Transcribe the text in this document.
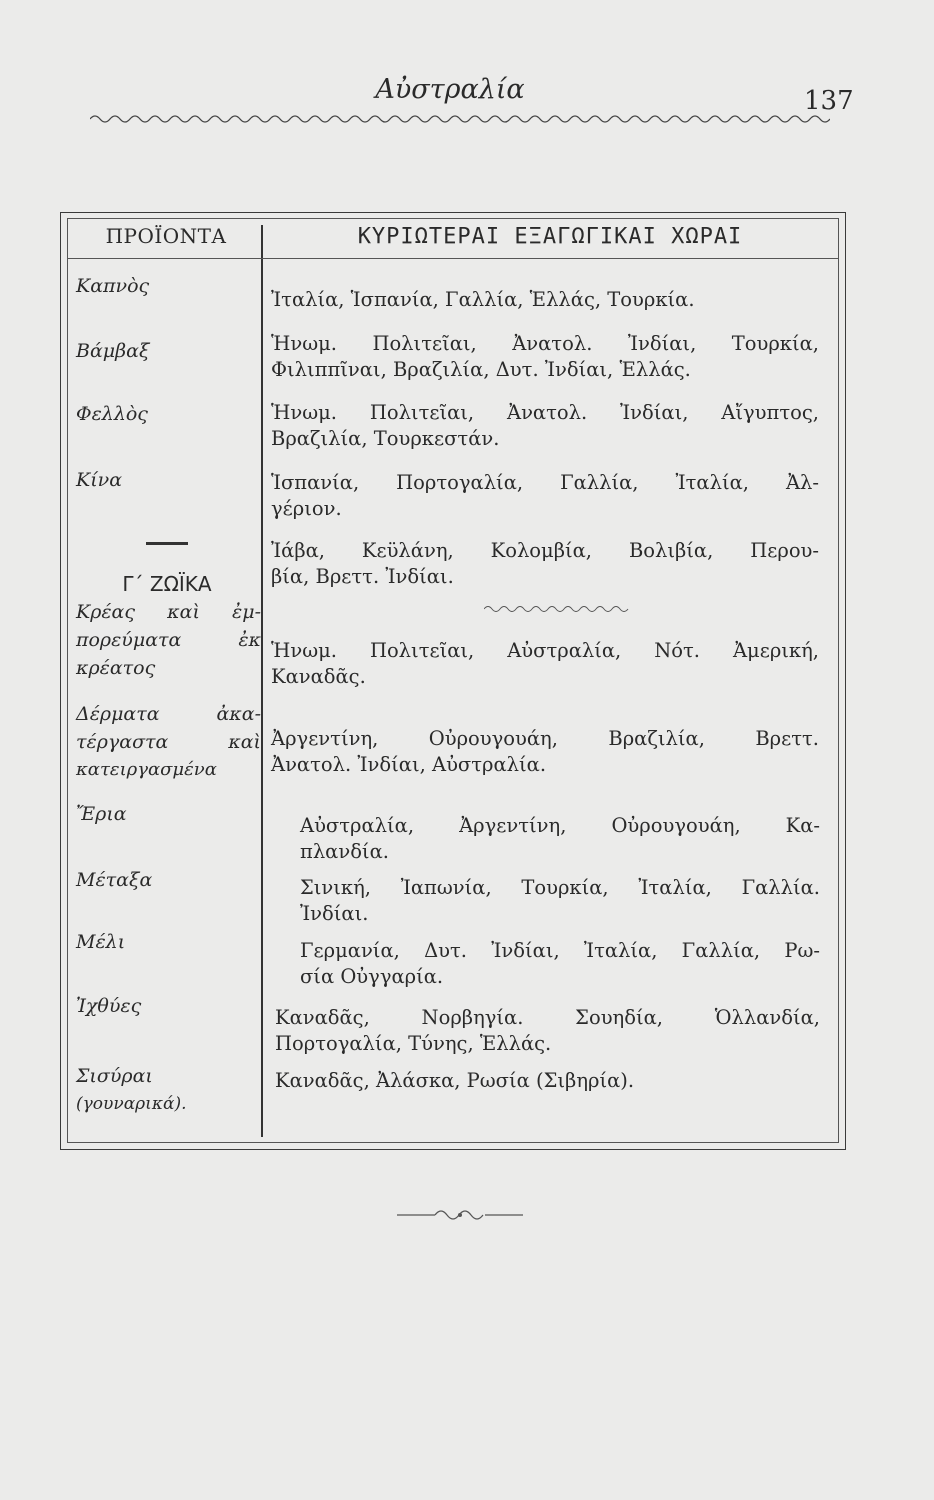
Αὐστραλία	137
ΠΡΟΪΟΝΤΑ	ΚΥΡΙΩΤΕΡΑΙ ΕΞΑΓΩΓΙΚΑΙ ΧΩΡΑΙ
Καπνὸς
Βάμβαξ
Φελλὸς
Κίνα
Γ΄ ΖΩΪΚΑ
Κρέας καὶ ἐμ-
πορεύματα ἐκ
κρέατος
Δέρματα ἀκα-
τέργαστα καὶ
κατειργασμένα
Ἔρια
Μέταξα
Μέλι
Ἰχθύες
Σισύραι
(γουναρικά).
Ἰταλία, Ἱσπανία, Γαλλία, Ἑλλάς, Τουρκία.
Ἡνωμ. Πολιτεῖαι, Ἀνατολ. Ἰνδίαι, Τουρκία,
Φιλιππῖναι, Βραζιλία, Δυτ. Ἰνδίαι, Ἑλλάς.
Ἡνωμ. Πολιτεῖαι, Ἀνατολ. Ἰνδίαι, Αἴγυπτος,
Βραζιλία, Τουρκεστάν.
Ἱσπανία, Πορτογαλία, Γαλλία, Ἰταλία, Ἀλ-
γέριον.
Ἰάβα, Κεϋλάνη, Κολομβία, Βολιβία, Περου-
βία, Βρεττ. Ἰνδίαι.
Ἡνωμ. Πολιτεῖαι, Αὐστραλία, Νότ. Ἀμερική,
Καναδᾶς.
Ἀργεντίνη, Οὐρουγουάη, Βραζιλία, Βρεττ.
Ἀνατολ. Ἰνδίαι, Αὐστραλία.
Αὐστραλία, Ἀργεντίνη, Οὐρουγουάη, Κα-
πλανδία.
Σινική, Ἰαπωνία, Τουρκία, Ἰταλία, Γαλλία.
Ἰνδίαι.
Γερμανία, Δυτ. Ἰνδίαι, Ἰταλία, Γαλλία, Ρω-
σία Οὐγγαρία.
Καναδᾶς, Νορβηγία. Σουηδία, Ὁλλανδία,
Πορτογαλία, Τύνης, Ἑλλάς.
Καναδᾶς, Ἀλάσκα, Ρωσία (Σιβηρία).
